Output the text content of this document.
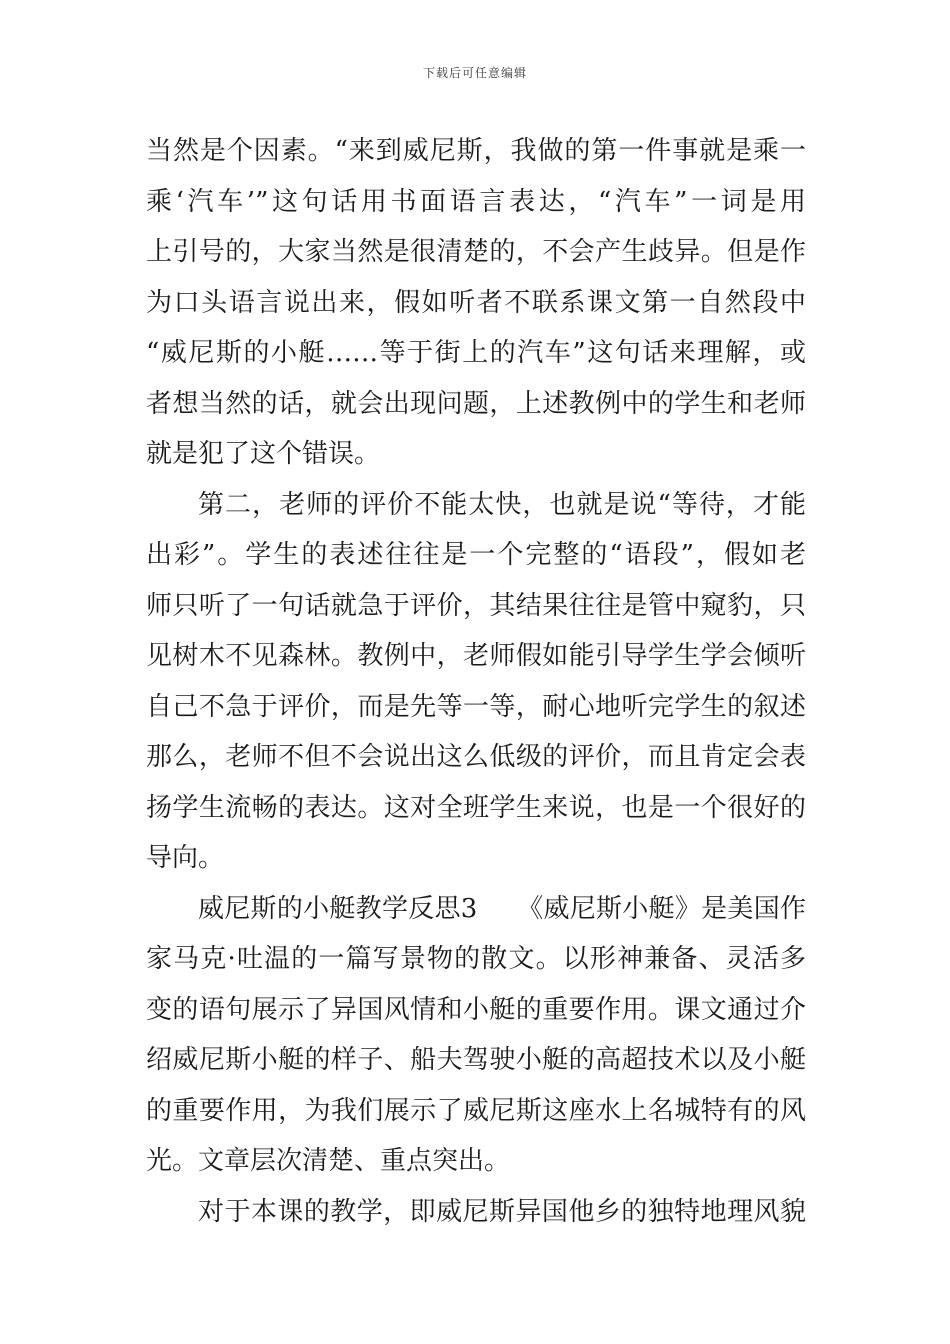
下载后可任意编辑
当然是个因素。“来到威尼斯，我做的第一件事就是乘一
乘‘汽车’”这句话用书面语言表达，“汽车”一词是用
上引号的，大家当然是很清楚的，不会产生歧异。但是作
为口头语言说出来，假如听者不联系课文第一自然段中
“威尼斯的小艇……等于街上的汽车”这句话来理解，或
者想当然的话，就会出现问题，上述教例中的学生和老师
就是犯了这个错误。
第二，老师的评价不能太快，也就是说“等待，才能
出彩”。学生的表述往往是一个完整的“语段”，假如老
师只听了一句话就急于评价，其结果往往是管中窥豹，只
见树木不见森林。教例中，老师假如能引导学生学会倾听
自己不急于评价，而是先等一等，耐心地听完学生的叙述
那么，老师不但不会说出这么低级的评价，而且肯定会表
扬学生流畅的表达。这对全班学生来说，也是一个很好的
导向。
威尼斯的小艇教学反思3　　《威尼斯小艇》是美国作
家马克·吐温的一篇写景物的散文。以形神兼备、灵活多
变的语句展示了异国风情和小艇的重要作用。课文通过介
绍威尼斯小艇的样子、船夫驾驶小艇的高超技术以及小艇
的重要作用，为我们展示了威尼斯这座水上名城特有的风
光。文章层次清楚、重点突出。
对于本课的教学，即威尼斯异国他乡的独特地理风貌
